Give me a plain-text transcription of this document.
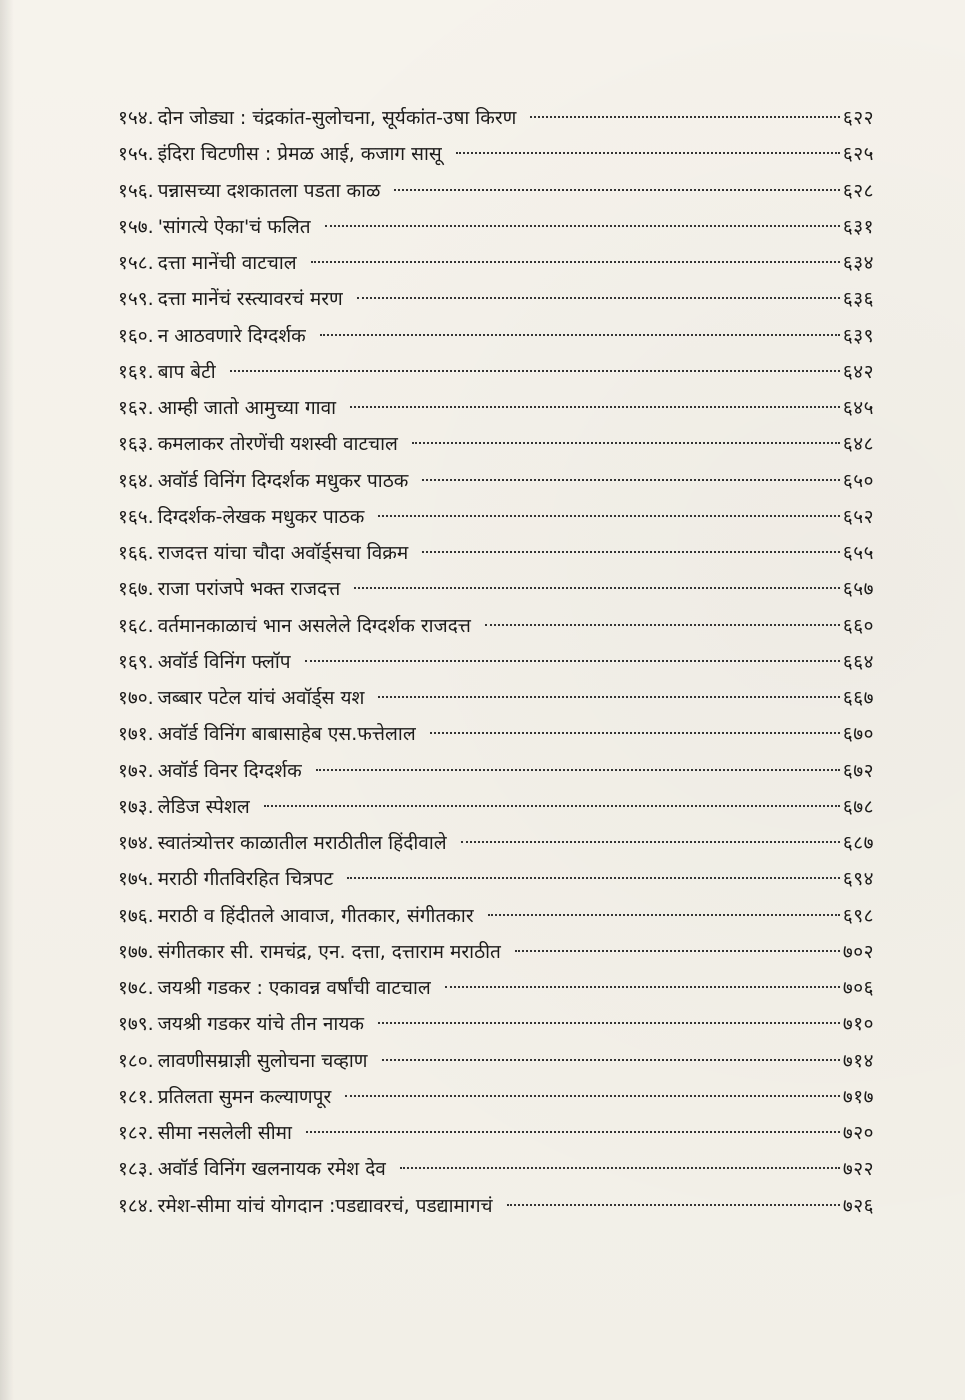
१५४. दोन जोड्या : चंद्रकांत-सुलोचना, सूर्यकांत-उषा किरण	६२२
१५५. इंदिरा चिटणीस : प्रेमळ आई, कजाग सासू	६२५
१५६. पन्नासच्या दशकातला पडता काळ	६२८
१५७. 'सांगत्ये ऐका'चं फलित	६३१
१५८. दत्ता मानेंची वाटचाल	६३४
१५९. दत्ता मानेंचं रस्त्यावरचं मरण	६३६
१६०. न आठवणारे दिग्दर्शक	६३९
१६१. बाप बेटी	६४२
१६२. आम्ही जातो आमुच्या गावा	६४५
१६३. कमलाकर तोरणेंची यशस्वी वाटचाल	६४८
१६४. अवॉर्ड विनिंग दिग्दर्शक मधुकर पाठक	६५०
१६५. दिग्दर्शक-लेखक मधुकर पाठक	६५२
१६६. राजदत्त यांचा चौदा अवॉर्ड्सचा विक्रम	६५५
१६७. राजा परांजपे भक्त राजदत्त	६५७
१६८. वर्तमानकाळाचं भान असलेले दिग्दर्शक राजदत्त	६६०
१६९. अवॉर्ड विनिंग फ्लॉप	६६४
१७०. जब्बार पटेल यांचं अवॉर्ड्स यश	६६७
१७१. अवॉर्ड विनिंग बाबासाहेब एस.फत्तेलाल	६७०
१७२. अवॉर्ड विनर दिग्दर्शक	६७२
१७३. लेडिज स्पेशल	६७८
१७४. स्वातंत्र्योत्तर काळातील मराठीतील हिंदीवाले	६८७
१७५. मराठी गीतविरहित चित्रपट	६९४
१७६. मराठी व हिंदीतले आवाज, गीतकार, संगीतकार	६९८
१७७. संगीतकार सी. रामचंद्र, एन. दत्ता, दत्ताराम मराठीत	७०२
१७८. जयश्री गडकर : एकावन्न वर्षांची वाटचाल	७०६
१७९. जयश्री गडकर यांचे तीन नायक	७१०
१८०. लावणीसम्राज्ञी सुलोचना चव्हाण	७१४
१८१. प्रतिलता सुमन कल्याणपूर	७१७
१८२. सीमा नसलेली सीमा	७२०
१८३. अवॉर्ड विनिंग खलनायक रमेश देव	७२२
१८४. रमेश-सीमा यांचं योगदान :पडद्यावरचं, पडद्यामागचं	७२६
